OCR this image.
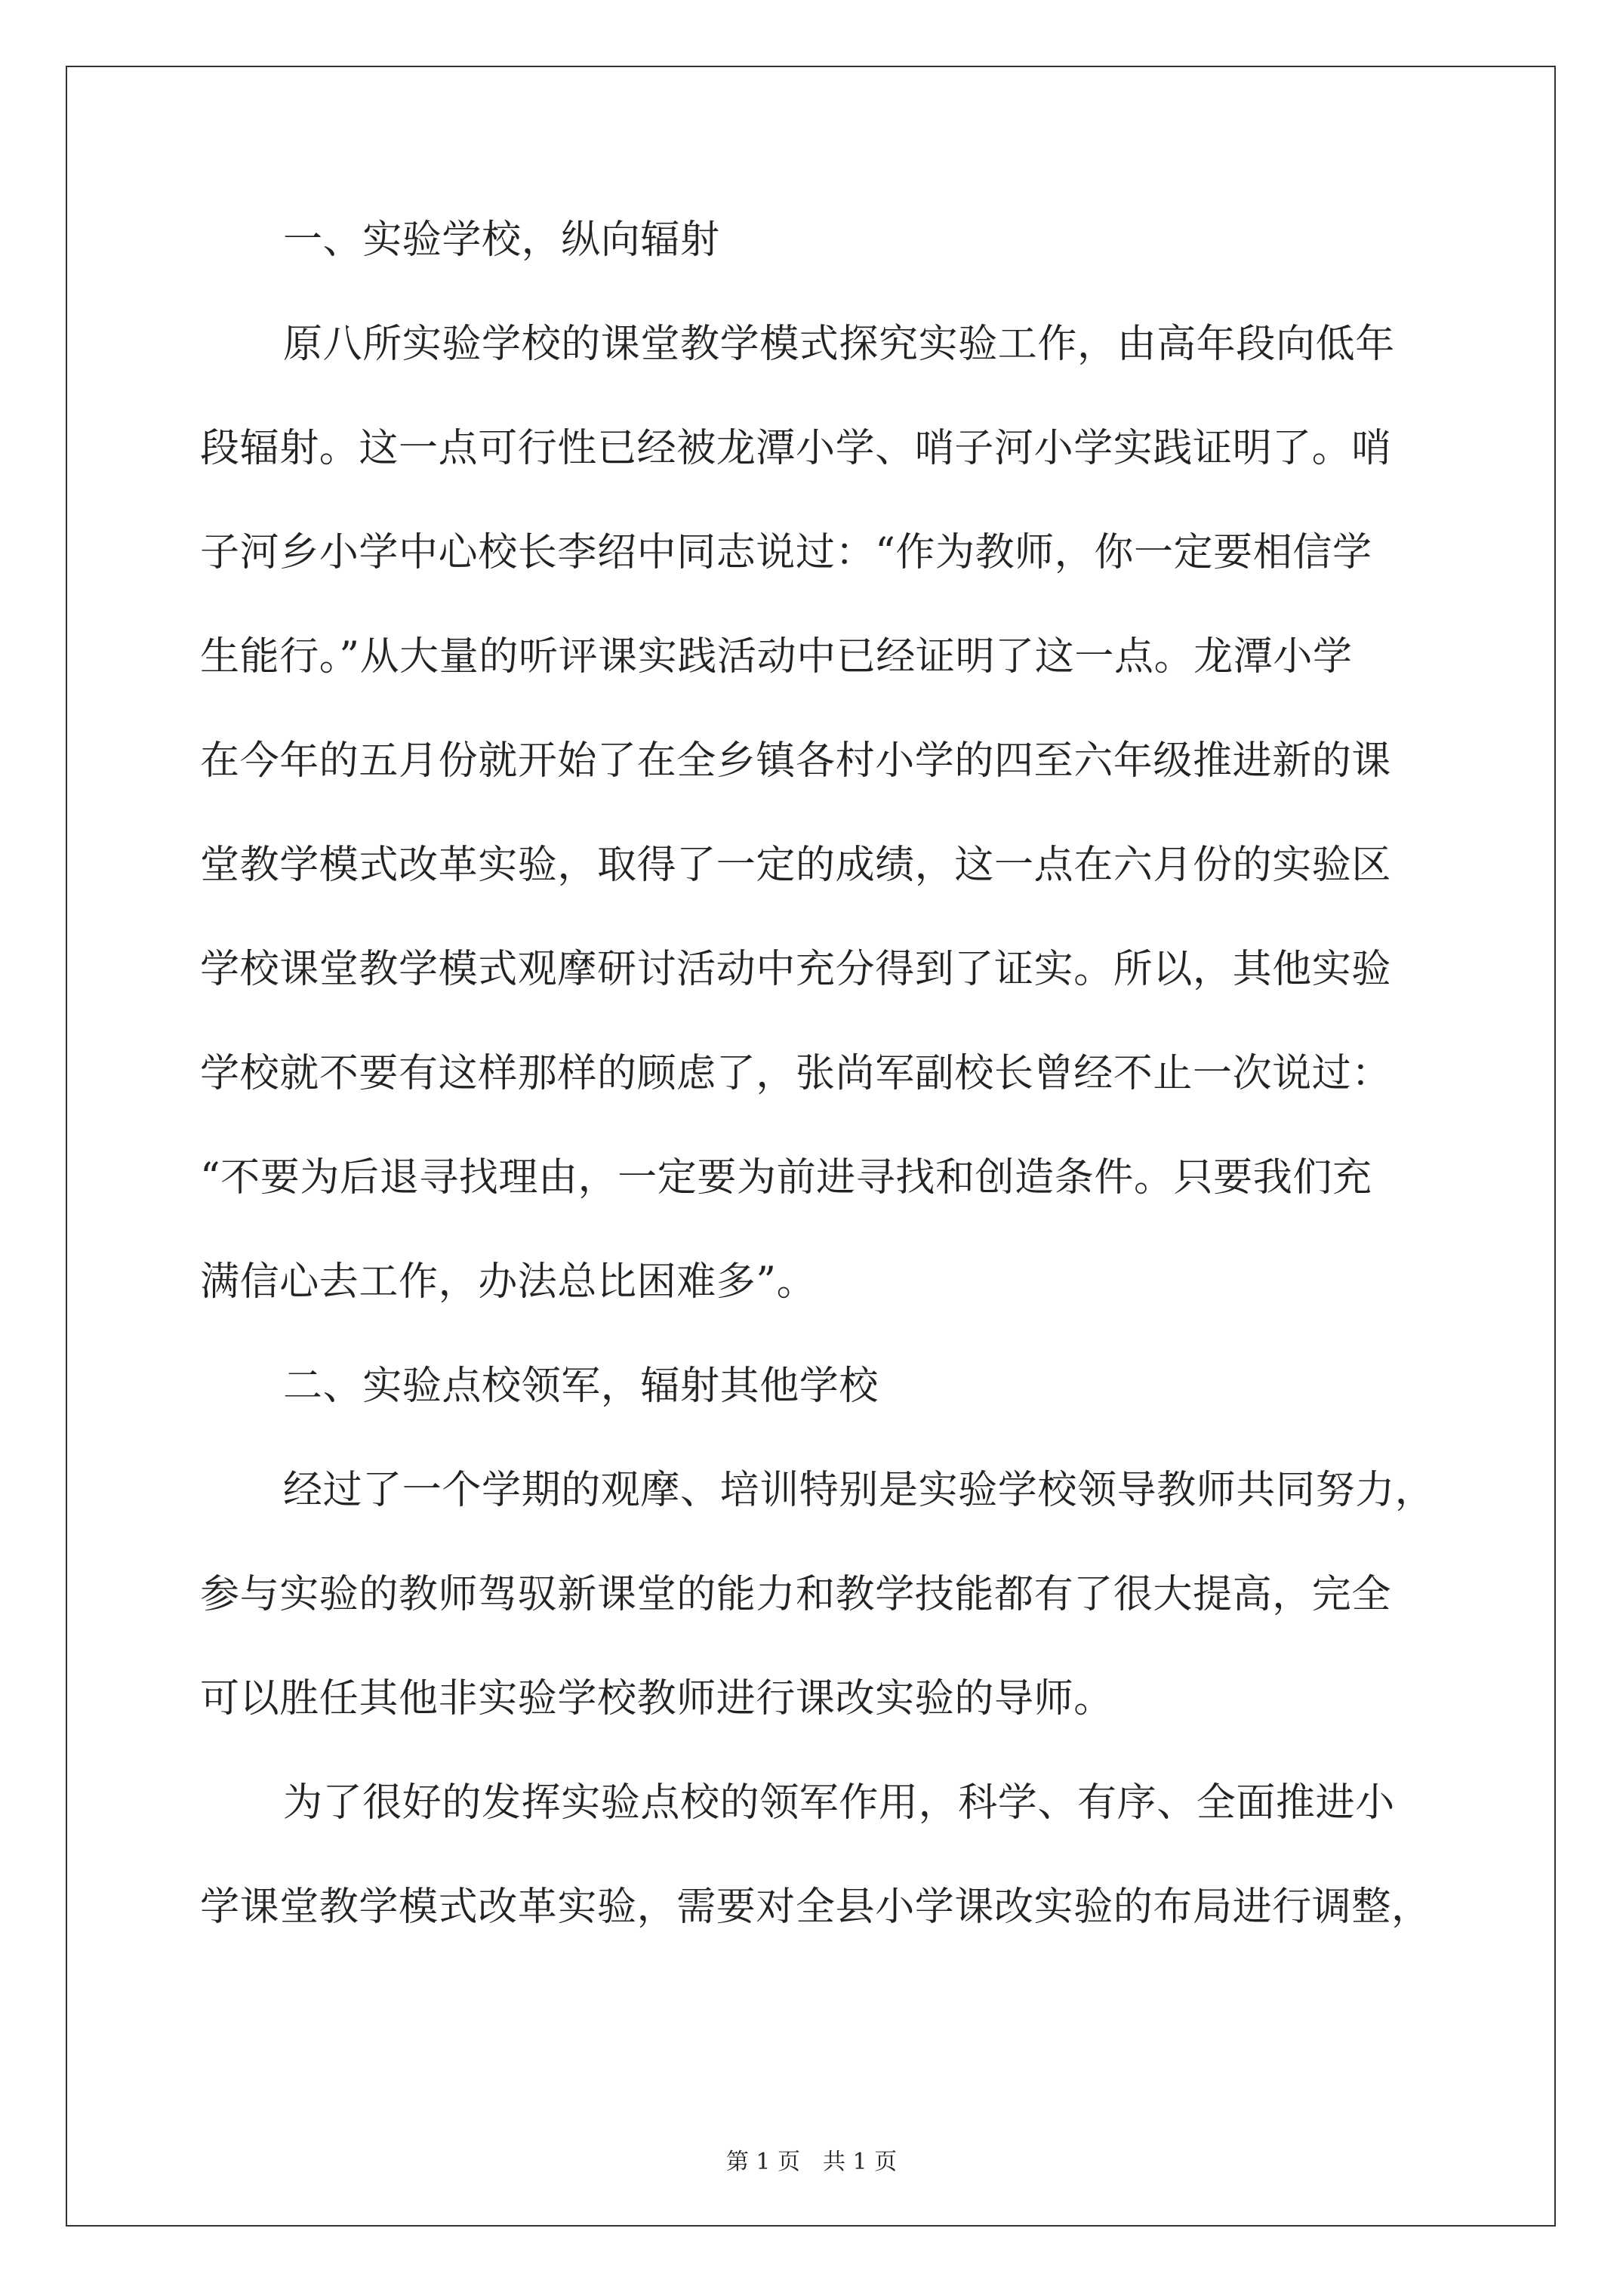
一、实验学校，纵向辐射
原八所实验学校的课堂教学模式探究实验工作，由高年段向低年
段辐射。这一点可行性已经被龙潭小学、哨子河小学实践证明了。哨
子河乡小学中心校长李绍中同志说过：“作为教师，你一定要相信学
生能行。”从大量的听评课实践活动中已经证明了这一点。龙潭小学
在今年的五月份就开始了在全乡镇各村小学的四至六年级推进新的课
堂教学模式改革实验，取得了一定的成绩，这一点在六月份的实验区
学校课堂教学模式观摩研讨活动中充分得到了证实。所以，其他实验
学校就不要有这样那样的顾虑了，张尚军副校长曾经不止一次说过：
“不要为后退寻找理由，一定要为前进寻找和创造条件。只要我们充
满信心去工作，办法总比困难多”。
二、实验点校领军，辐射其他学校
经过了一个学期的观摩、培训特别是实验学校领导教师共同努力，
参与实验的教师驾驭新课堂的能力和教学技能都有了很大提高，完全
可以胜任其他非实验学校教师进行课改实验的导师。
为了很好的发挥实验点校的领军作用，科学、有序、全面推进小
学课堂教学模式改革实验，需要对全县小学课改实验的布局进行调整，
第 1 页　共 1 页
